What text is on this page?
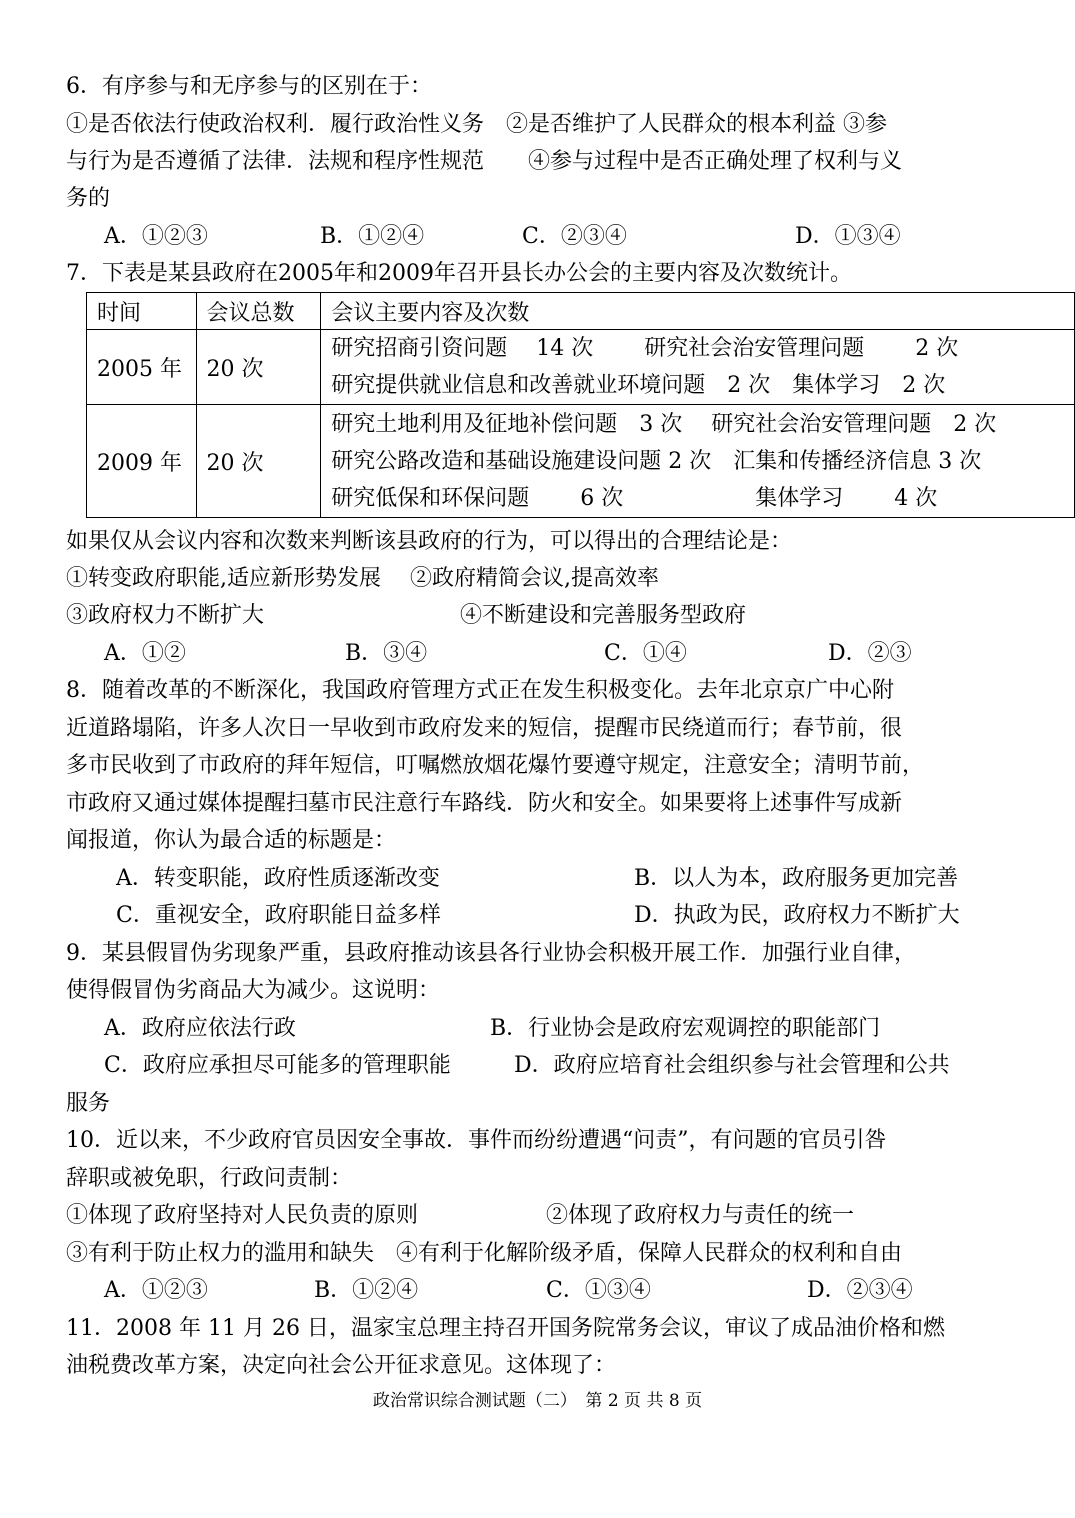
6．有序参与和无序参与的区别在于：
①是否依法行使政治权利．履行政治性义务　②是否维护了人民群众的根本利益 ③参
与行为是否遵循了法律．法规和程序性规范　　④参与过程中是否正确处理了权利与义
务的
A．①②③	B．①②④	C．②③④	D．①③④
7．下表是某县政府在2005年和2009年召开县长办公会的主要内容及次数统计。
时间	会议总数	会议主要内容及次数
2005 年	20 次	研究招商引资问题　 14 次　　 研究社会治安管理问题　　 2 次
研究提供就业信息和改善就业环境问题　2 次　集体学习　2 次

2009 年	20 次	研究土地利用及征地补偿问题　3 次　 研究社会治安管理问题　2 次
研究公路改造和基础设施建设问题 2 次　汇集和传播经济信息 3 次
研究低保和环保问题　　 6 次　　　　　　集体学习　　 4 次
如果仅从会议内容和次数来判断该县政府的行为，可以得出的合理结论是：
①转变政府职能,适应新形势发展　 ②政府精简会议,提高效率
③政府权力不断扩大	④不断建设和完善服务型政府
A．①②	B．③④	C．①④	D．②③
8．随着改革的不断深化，我国政府管理方式正在发生积极变化。去年北京京广中心附
近道路塌陷，许多人次日一早收到市政府发来的短信，提醒市民绕道而行；春节前，很
多市民收到了市政府的拜年短信，叮嘱燃放烟花爆竹要遵守规定，注意安全；清明节前，
市政府又通过媒体提醒扫墓市民注意行车路线．防火和安全。如果要将上述事件写成新
闻报道，你认为最合适的标题是：
A．转变职能，政府性质逐渐改变	B．以人为本，政府服务更加完善
C．重视安全，政府职能日益多样	D．执政为民，政府权力不断扩大
9．某县假冒伪劣现象严重，县政府推动该县各行业协会积极开展工作．加强行业自律，
使得假冒伪劣商品大为减少。这说明：
A．政府应依法行政	B．行业协会是政府宏观调控的职能部门
C．政府应承担尽可能多的管理职能	D．政府应培育社会组织参与社会管理和公共
服务
10．近以来，不少政府官员因安全事故．事件而纷纷遭遇“问责”，有问题的官员引咎
辞职或被免职，行政问责制：
①体现了政府坚持对人民负责的原则	②体现了政府权力与责任的统一
③有利于防止权力的滥用和缺失　④有利于化解阶级矛盾，保障人民群众的权利和自由
A．①②③	B．①②④	C．①③④	D．②③④
11．2008 年 11 月 26 日，温家宝总理主持召开国务院常务会议，审议了成品油价格和燃
油税费改革方案，决定向社会公开征求意见。这体现了：
政治常识综合测试题（二）　第 2 页 共 8 页
